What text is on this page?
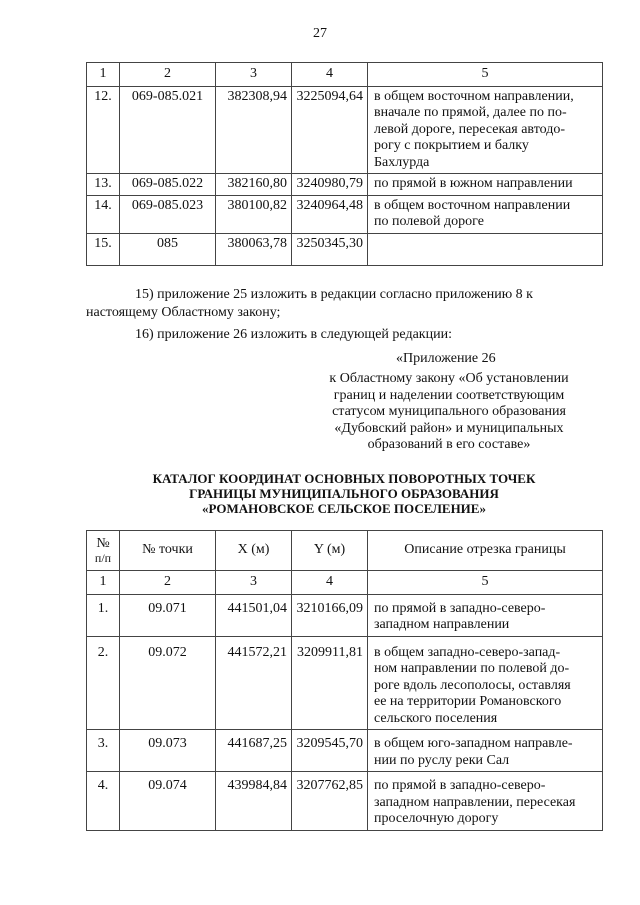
27
1	2	3	4	5
12.	069-085.021	382308,94	3225094,64	в общем восточном направлении,
вначале по прямой, далее по по-
левой дороге, пересекая автодо-
рогу с покрытием и балку
Бахлурда

13.	069-085.022	382160,80	3240980,79	по прямой в южном направлении

14.	069-085.023	380100,82	3240964,48	в общем восточном направлении
по полевой дороге

15.	085	380063,78	3250345,30	
15) приложение 25 изложить в редакции согласно приложению 8 к
настоящему Областному закону;
16) приложение 26 изложить в следующей редакции:
«Приложение 26
к Областному закону «Об установлении
границ и наделении соответствующим
статусом муниципального образования
«Дубовский район» и муниципальных
образований в его составе»
КАТАЛОГ КООРДИНАТ ОСНОВНЫХ ПОВОРОТНЫХ ТОЧЕК
ГРАНИЦЫ МУНИЦИПАЛЬНОГО ОБРАЗОВАНИЯ
«РОМАНОВСКОЕ СЕЛЬСКОЕ ПОСЕЛЕНИЕ»
№
п/п	№ точки	X (м)	Y (м)	Описание отрезка границы
1	2	3	4	5
1.	09.071	441501,04	3210166,09	по прямой в западно-северо-
западном направлении

2.	09.072	441572,21	3209911,81	в общем западно-северо-запад-
ном направлении по полевой до-
роге вдоль лесополосы, оставляя
ее на территории Романовского
сельского поселения

3.	09.073	441687,25	3209545,70	в общем юго-западном направле-
нии по руслу реки Сал

4.	09.074	439984,84	3207762,85	по прямой в западно-северо-
западном направлении, пересекая
проселочную дорогу
